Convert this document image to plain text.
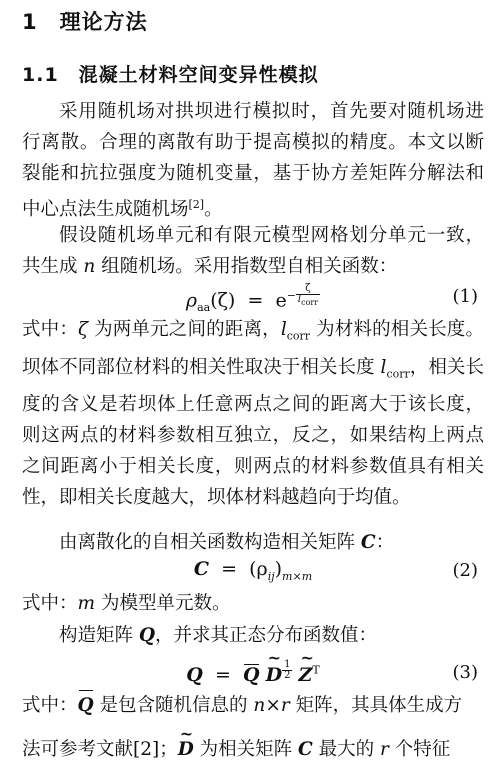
1　理论方法
1.1　混凝土材料空间变异性模拟
采用随机场对拱坝进行模拟时，首先要对随机场进行离散。合理的离散有助于提高模拟的精度。本文以断裂能和抗拉强度为随机变量，基于协方差矩阵分解法和中心点法生成随机场[2]。
假设随机场单元和有限元模型网格划分单元一致，共生成 n 组随机场。采用指数型自相关函数：
$\rho_{aa}(\zeta) = e^{- \frac{\zeta}{l_{corr}}}$	(1)
式中：ζ 为两单元之间的距离，$l_{corr}$ 为材料的相关长度。坝体不同部位材料的相关性取决于相关长度 $l_{corr}$，相关长度的含义是若坝体上任意两点之间的距离大于该长度，则这两点的材料参数相互独立，反之，如果结构上两点之间距离小于相关长度，则两点的材料参数值具有相关性，即相关长度越大，坝体材料越趋向于均值。
由离散化的自相关函数构造相关矩阵 C：
$C = (\rho_{ij})_{m\times m}$	(2)
式中：m 为模型单元数。
构造矩阵 Q，并求其正态分布函数值：
Q = Q ~ D $^{\frac{1}{2}}$ ~ $Z^T$	(3)
式中：Q 是包含随机信息的 n×r 矩阵，其具体生成方
法可参考文献[2]；~ D 为相关矩阵 C 最大的 r 个特征
